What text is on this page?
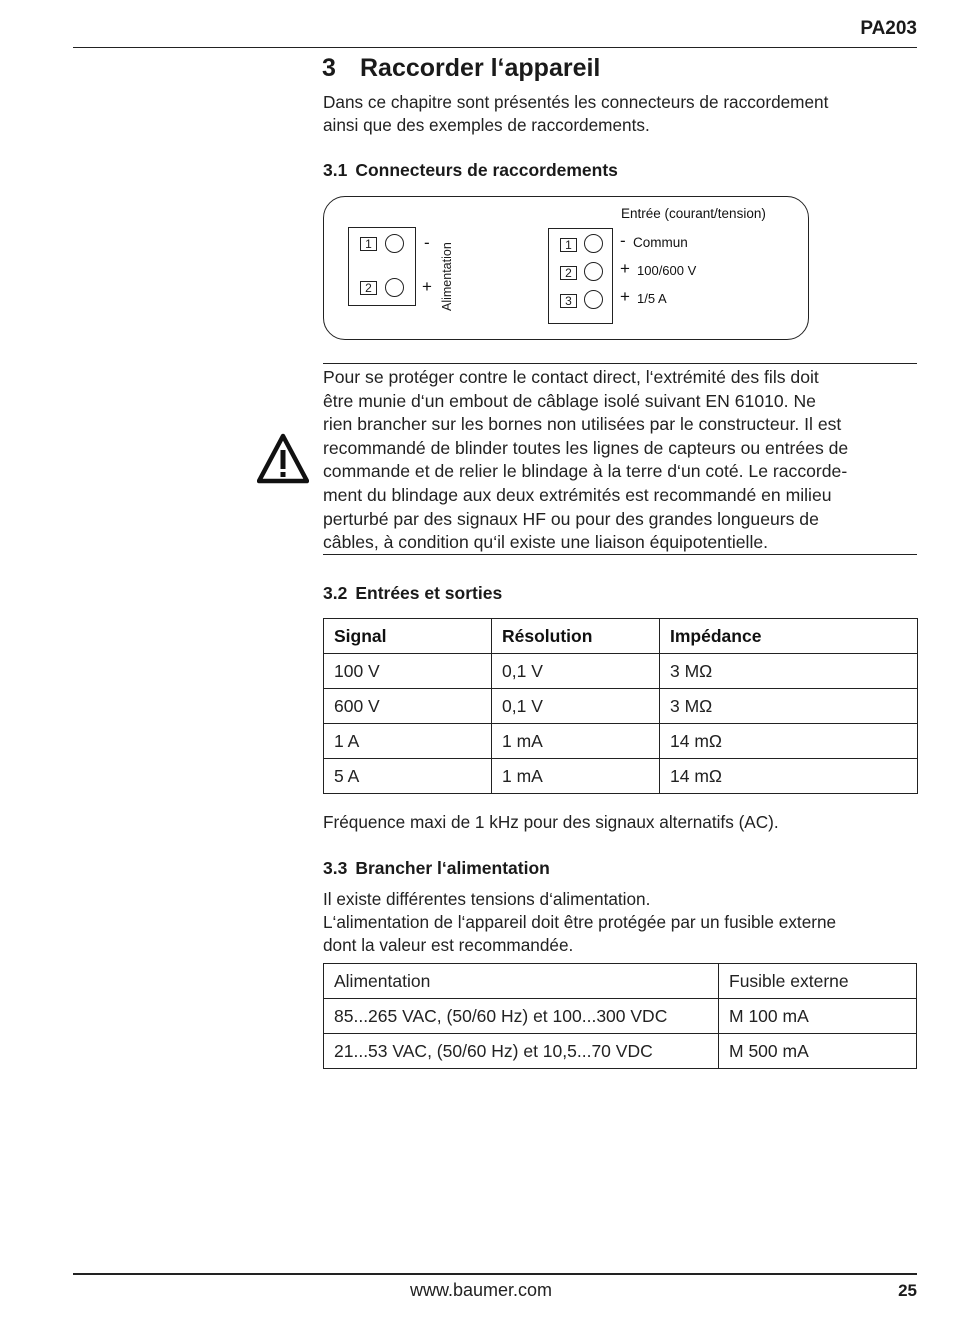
PA203
3 Raccorder l‘appareil
Dans ce chapitre sont présentés les connecteurs de raccordement
ainsi que des exemples de raccordements.
3.1 Connecteurs de raccordements
1
2
-
+ Alimentation
Entrée (courant/tension)
1
2
3
- Commun
+ 100/600 V
+ 1/5 A
Pour se protéger contre le contact direct, l‘extrémité des fils doit
être munie d‘un embout de câblage isolé suivant EN 61010. Ne
rien brancher sur les bornes non utilisées par le constructeur. Il est
recommandé de blinder toutes les lignes de capteurs ou entrées de
commande et de relier le blindage à la terre d‘un coté. Le raccorde-
ment du blindage aux deux extrémités est recommandé en milieu
perturbé par des signaux HF ou pour des grandes longueurs de
câbles, à condition qu‘il existe une liaison équipotentielle.
3.2 Entrées et sorties
Signal	Résolution	Impédance
100 V	0,1 V	3 MΩ
600 V	0,1 V	3 MΩ
1 A	1 mA	14 mΩ
5 A	1 mA	14 mΩ
Fréquence maxi de 1 kHz pour des signaux alternatifs (AC).
3.3 Brancher l‘alimentation
Il existe différentes tensions d‘alimentation.
L‘alimentation de l‘appareil doit être protégée par un fusible externe
dont la valeur est recommandée.
Alimentation	Fusible externe
85...265 VAC, (50/60 Hz) et 100...300 VDC	M 100 mA
21...53 VAC, (50/60 Hz) et 10,5...70 VDC	M 500 mA
www.baumer.com	25
